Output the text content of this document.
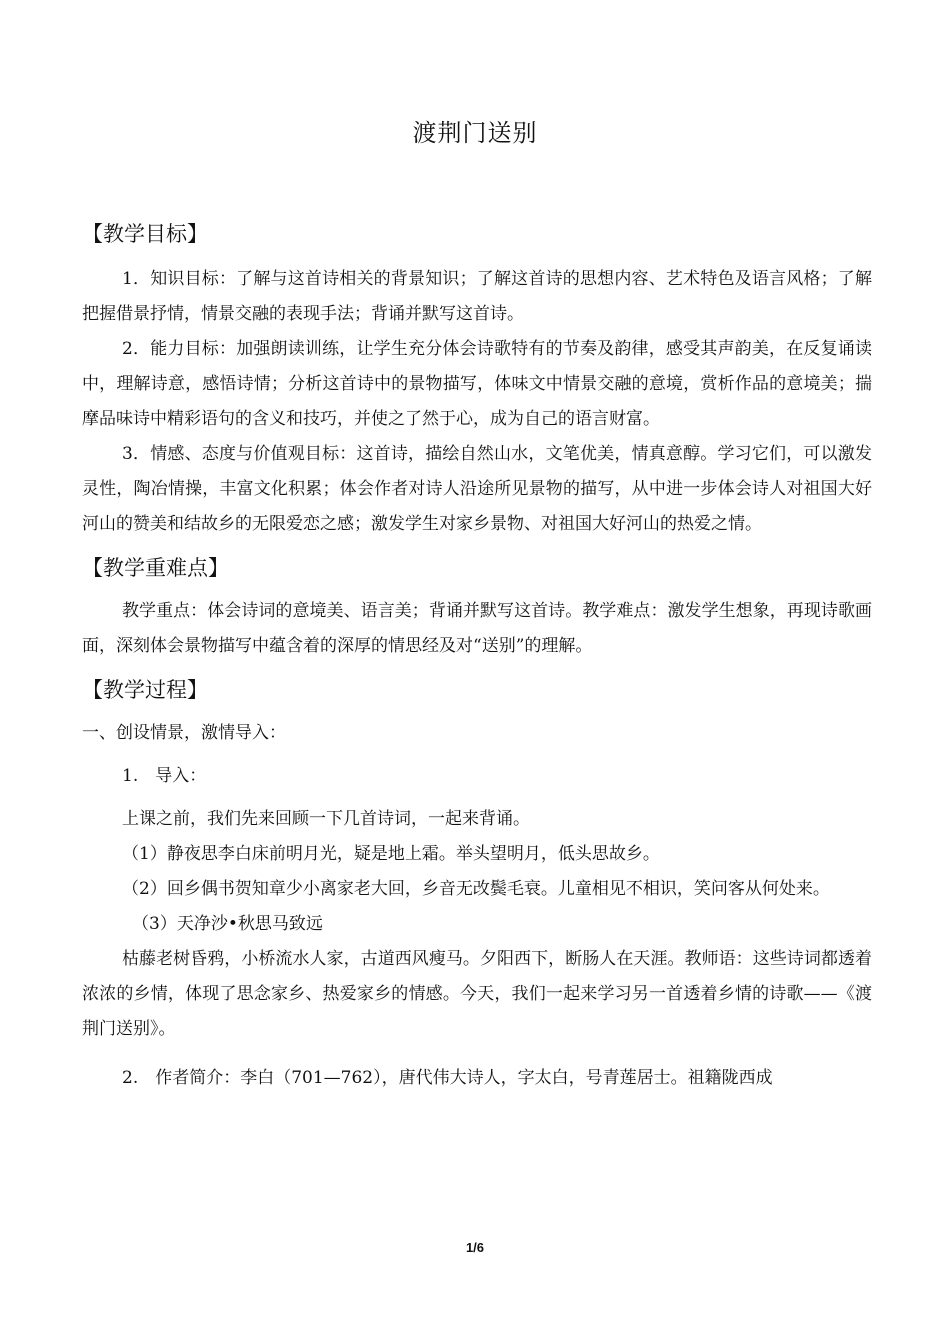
渡荆门送别
【教学目标】

1．知识目标：了解与这首诗相关的背景知识；了解这首诗的思想内容、艺术特色及语言风格；了解把握借景抒情，情景交融的表现手法；背诵并默写这首诗。

2．能力目标：加强朗读训练，让学生充分体会诗歌特有的节奏及韵律，感受其声韵美，在反复诵读中，理解诗意，感悟诗情；分析这首诗中的景物描写，体味文中情景交融的意境，赏析作品的意境美；揣摩品味诗中精彩语句的含义和技巧，并使之了然于心，成为自己的语言财富。

3．情感、态度与价值观目标：这首诗，描绘自然山水，文笔优美，情真意醇。学习它们，可以激发灵性，陶冶情操，丰富文化积累；体会作者对诗人沿途所见景物的描写，从中进一步体会诗人对祖国大好河山的赞美和结故乡的无限爱恋之感；激发学生对家乡景物、对祖国大好河山的热爱之情。

【教学重难点】

教学重点：体会诗词的意境美、语言美；背诵并默写这首诗。教学难点：激发学生想象，再现诗歌画面，深刻体会景物描写中蕴含着的深厚的情思经及对“送别”的理解。

【教学过程】

一、创设情景，激情导入：

1.　导入：

上课之前，我们先来回顾一下几首诗词，一起来背诵。

（1）静夜思李白床前明月光，疑是地上霜。举头望明月，低头思故乡。

（2）回乡偶书贺知章少小离家老大回，乡音无改鬓毛衰。儿童相见不相识，笑问客从何处来。

（3）天净沙•秋思马致远

枯藤老树昏鸦，小桥流水人家，古道西风瘦马。夕阳西下，断肠人在天涯。教师语：这些诗词都透着浓浓的乡情，体现了思念家乡、热爱家乡的情感。今天，我们一起来学习另一首透着乡情的诗歌——《渡荆门送别》。

2.　作者简介：李白（701—762），唐代伟大诗人，字太白，号青莲居士。祖籍陇西成

1/6
